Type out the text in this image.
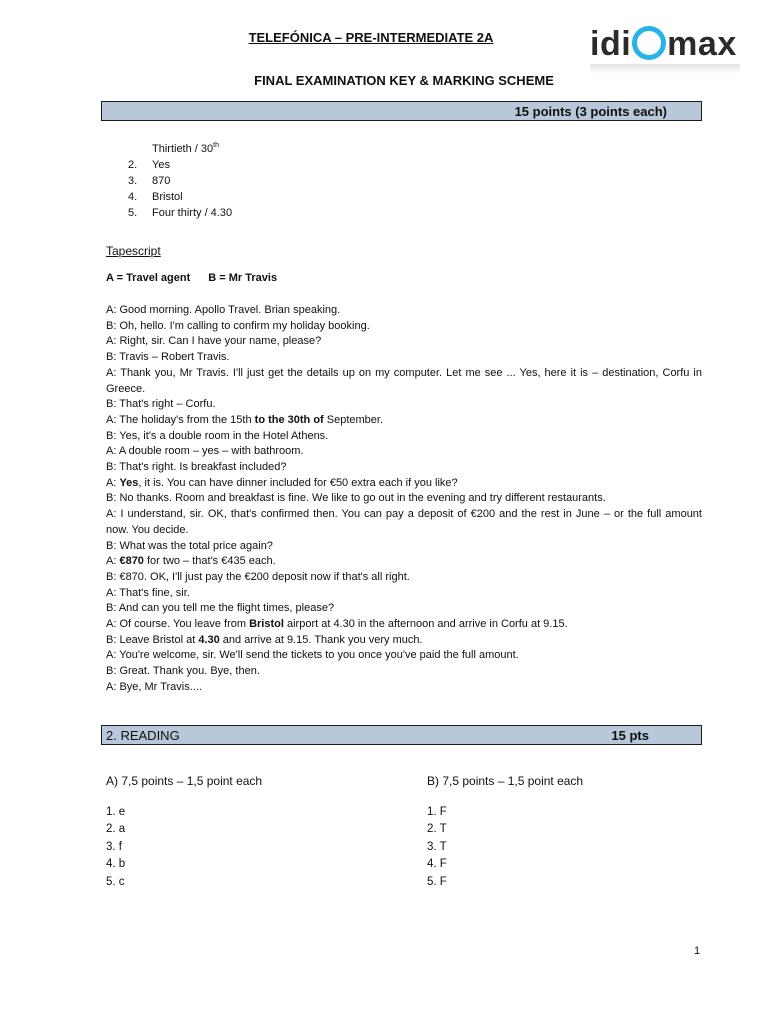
TELEFÓNICA – PRE-INTERMEDIATE 2A	idi max
FINAL EXAMINATION KEY & MARKING SCHEME
15 points (3 points each)
Thirtieth / 30th
2. Yes
3. 870
4. Bristol
5. Four thirty / 4.30
Tapescript
A = Travel agent B = Mr Travis

A: Good morning. Apollo Travel. Brian speaking.

B: Oh, hello. I'm calling to confirm my holiday booking.

A: Right, sir. Can I have your name, please?

B: Travis – Robert Travis.

A: Thank you, Mr Travis. I'll just get the details up on my computer. Let me see ... Yes, here it is – destination, Corfu in Greece.

B: That's right – Corfu.

A: The holiday's from the 15th to the 30th of September.

B: Yes, it's a double room in the Hotel Athens.

A: A double room – yes – with bathroom.

B: That's right. Is breakfast included?

A: Yes, it is. You can have dinner included for €50 extra each if you like?

B: No thanks. Room and breakfast is fine. We like to go out in the evening and try different restaurants.

A: I understand, sir. OK, that's confirmed then. You can pay a deposit of €200 and the rest in June – or the full amount now. You decide.

B: What was the total price again?

A: €870 for two – that's €435 each.

B: €870. OK, I'll just pay the €200 deposit now if that's all right.

A: That's fine, sir.

B: And can you tell me the flight times, please?

A: Of course. You leave from Bristol airport at 4.30 in the afternoon and arrive in Corfu at 9.15.

B: Leave Bristol at 4.30 and arrive at 9.15. Thank you very much.

A: You're welcome, sir. We'll send the tickets to you once you've paid the full amount.

B: Great. Thank you. Bye, then.

A: Bye, Mr Travis....

2. READING	15 pts
A) 7,5 points – 1,5 point each
1. e
2. a
3. f
4. b
5. c
B) 7,5 points – 1,5 point each
1. F
2. T
3. T
4. F
5. F
1
